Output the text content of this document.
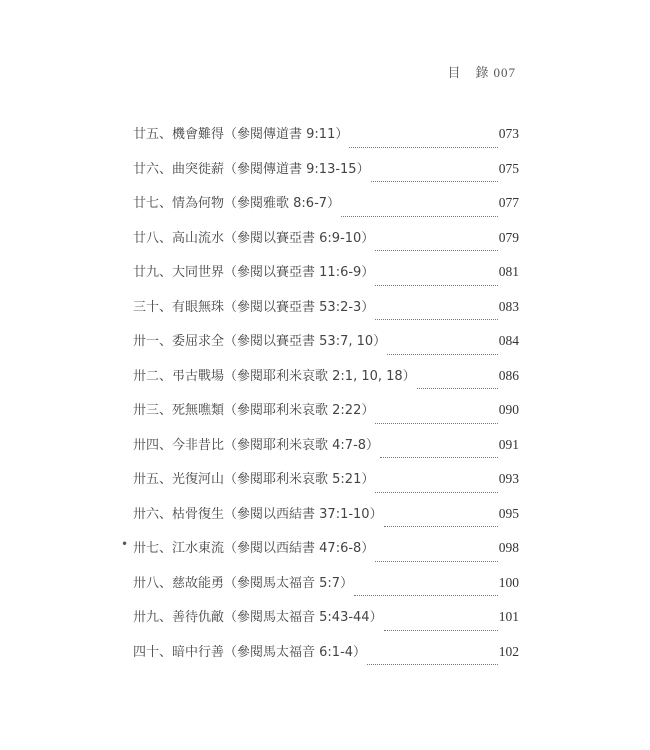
目 錄 007
廿五、機會難得 （參閱傳道書 9:11）	073
廿六、曲突徙薪 （參閱傳道書 9:13-15）	075
廿七、情為何物 （參閱雅歌 8:6-7）	077
廿八、高山流水 （參閱以賽亞書 6:9-10）	079
廿九、大同世界 （參閱以賽亞書 11:6-9）	081
三十、有眼無珠 （參閱以賽亞書 53:2-3）	083
卅一、委屈求全 （參閱以賽亞書 53:7, 10）	084
卅二、弔古戰場 （參閱耶利米哀歌 2:1, 10, 18）	086
卅三、死無噍類 （參閱耶利米哀歌 2:22）	090
卅四、今非昔比 （參閱耶利米哀歌 4:7-8）	091
卅五、光復河山 （參閱耶利米哀歌 5:21）	093
卅六、枯骨復生 （參閱以西結書 37:1-10）	095
• 卅七、江水東流 （參閱以西結書 47:6-8）	098
卅八、慈故能勇 （參閱馬太福音 5:7）	100
卅九、善待仇敵 （參閱馬太福音 5:43-44）	101
四十、暗中行善 （參閱馬太福音 6:1-4）	102
